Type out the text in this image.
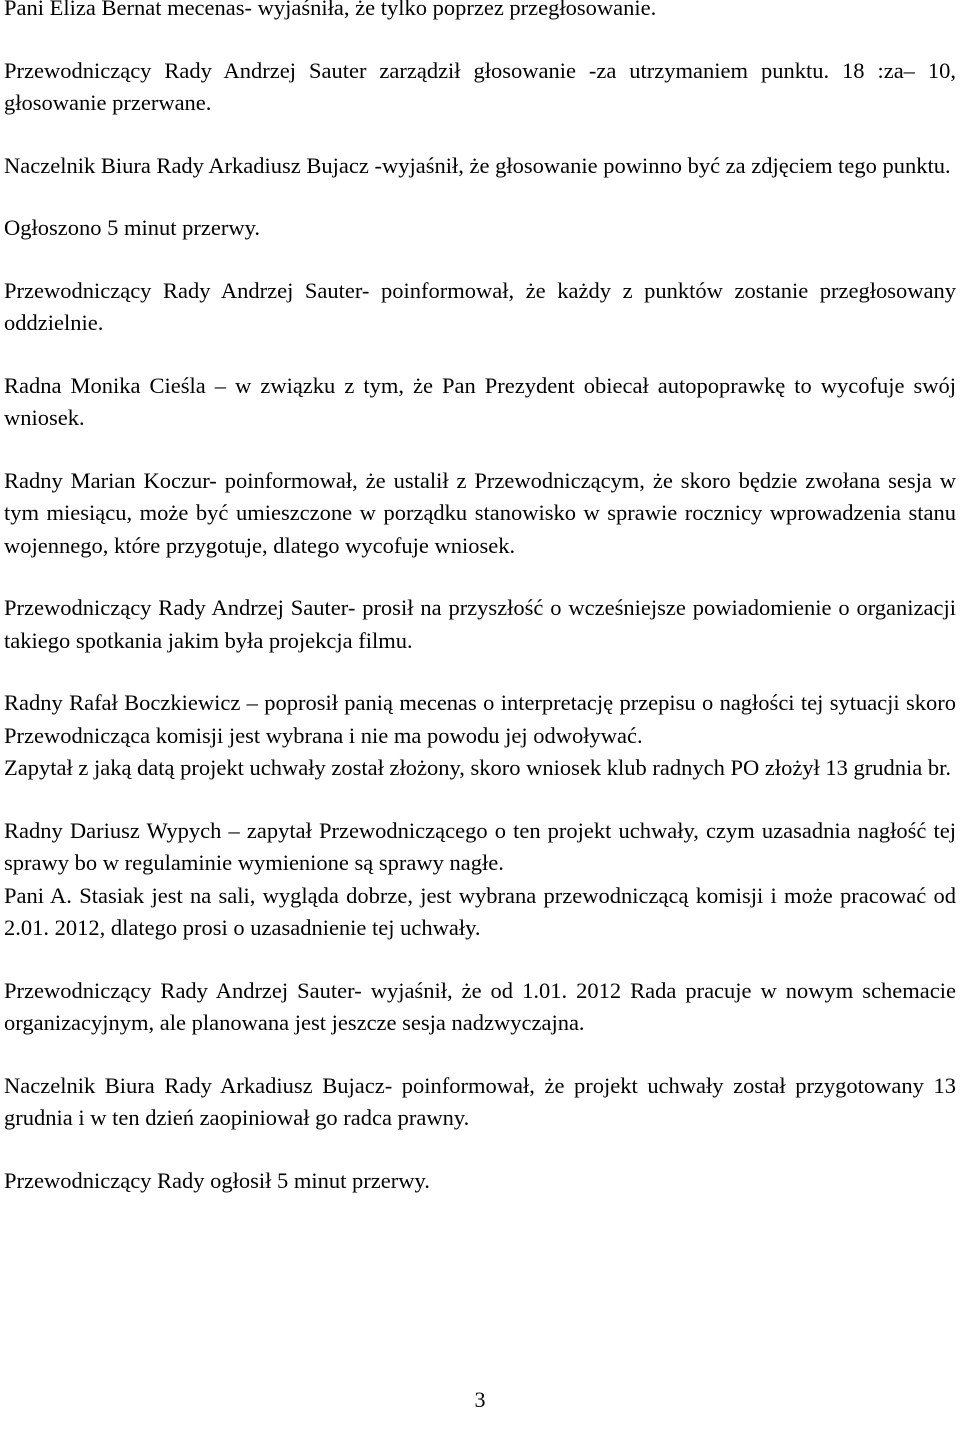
Pani Eliza Bernat mecenas- wyjaśniła, że tylko poprzez przegłosowanie.

Przewodniczący Rady Andrzej Sauter zarządził głosowanie -za utrzymaniem punktu. 18 :za– 10, głosowanie przerwane.

Naczelnik Biura Rady Arkadiusz Bujacz -wyjaśnił, że głosowanie powinno być za zdjęciem tego punktu.

Ogłoszono 5 minut przerwy.

Przewodniczący Rady Andrzej Sauter- poinformował, że każdy z punktów zostanie przegłosowany oddzielnie.

Radna Monika Cieśla – w związku z tym, że Pan Prezydent obiecał autopoprawkę to wycofuje swój wniosek.

Radny Marian Koczur- poinformował, że ustalił z Przewodniczącym, że skoro będzie zwołana sesja w tym miesiącu, może być umieszczone w porządku stanowisko w sprawie rocznicy wprowadzenia stanu wojennego, które przygotuje, dlatego wycofuje wniosek.

Przewodniczący Rady Andrzej Sauter- prosił na przyszłość o wcześniejsze powiadomienie o organizacji takiego spotkania jakim była projekcja filmu.

Radny Rafał Boczkiewicz – poprosił panią mecenas o interpretację przepisu o nagłości tej sytuacji skoro Przewodnicząca komisji jest wybrana i nie ma powodu jej odwoływać.

Zapytał z jaką datą projekt uchwały został złożony, skoro wniosek klub radnych PO złożył 13 grudnia br.

Radny Dariusz Wypych – zapytał Przewodniczącego o ten projekt uchwały, czym uzasadnia nagłość tej sprawy bo w regulaminie wymienione są sprawy nagłe.

Pani A. Stasiak jest na sali, wygląda dobrze, jest wybrana przewodniczącą komisji i może pracować od 2.01. 2012, dlatego prosi o uzasadnienie tej uchwały.

Przewodniczący Rady Andrzej Sauter- wyjaśnił, że od 1.01. 2012 Rada pracuje w nowym schemacie organizacyjnym, ale planowana jest jeszcze sesja nadzwyczajna.

Naczelnik Biura Rady Arkadiusz Bujacz- poinformował, że projekt uchwały został przygotowany 13 grudnia i w ten dzień zaopiniował go radca prawny.

Przewodniczący Rady ogłosił 5 minut przerwy.

3
